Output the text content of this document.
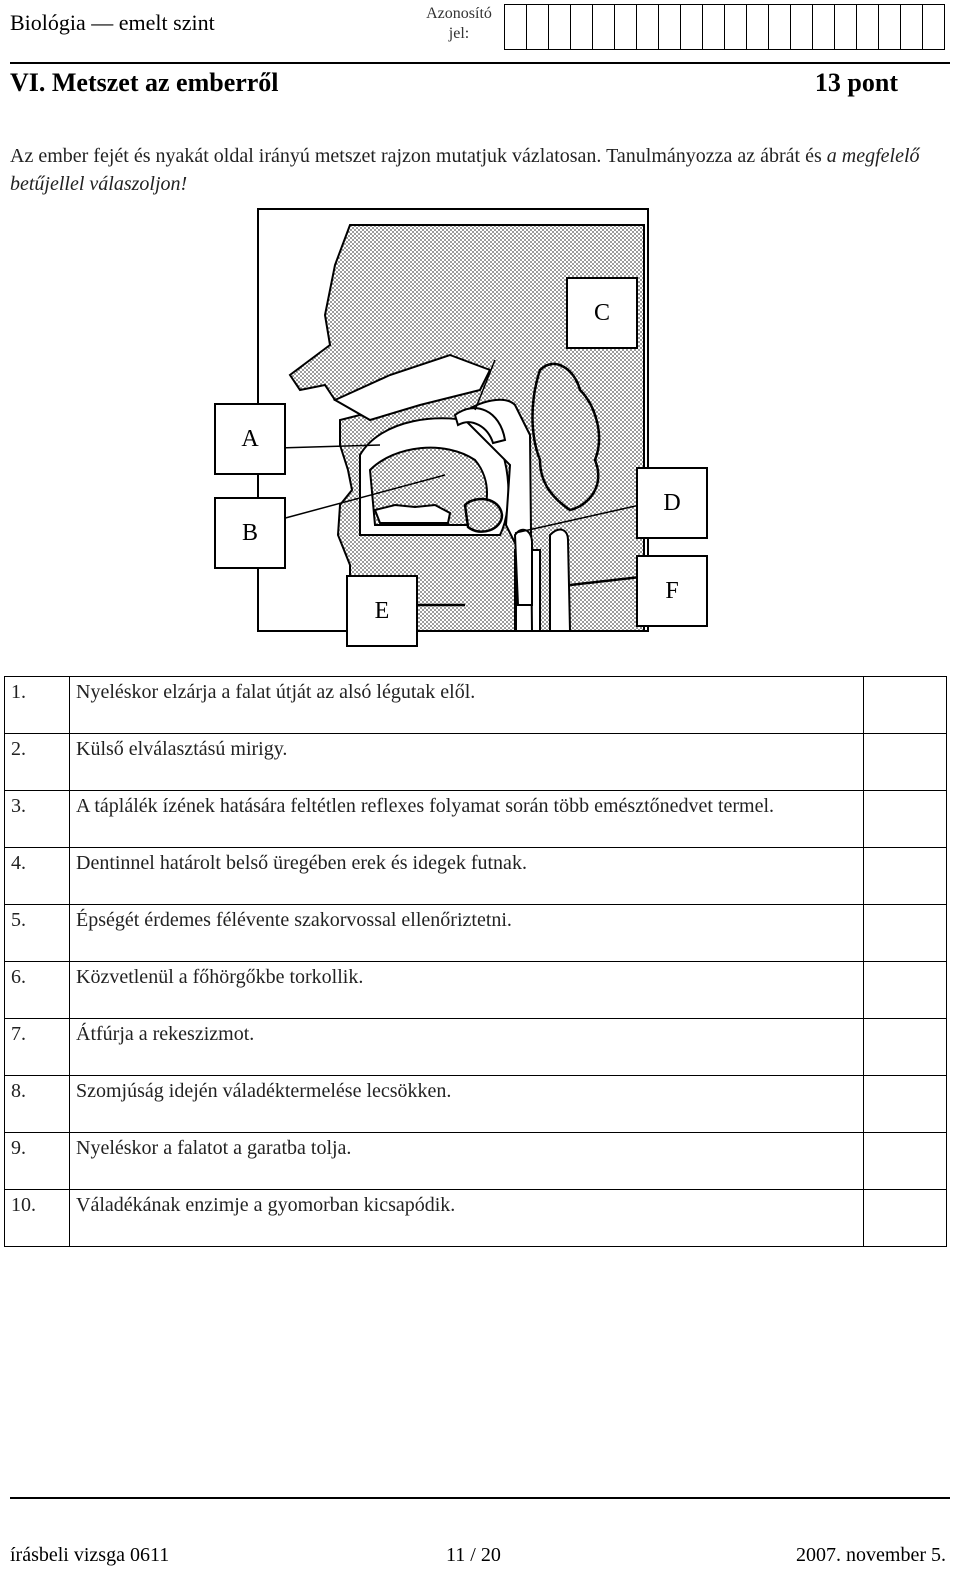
Biológia — emelt szint	Azonosító jel:
VI. Metszet az emberről	13 pont
Az ember fejét és nyakát oldal irányú metszet rajzon mutatjuk vázlatosan. Tanulmányozza az ábrát és a megfelelő betűjellel válaszoljon!
A
B
C
D
E
F
1.	Nyeléskor elzárja a falat útját az alsó légutak elől.	
2.	Külső elválasztású mirigy.	
3.	A táplálék ízének hatására feltétlen reflexes folyamat során több emésztőnedvet termel.	
4.	Dentinnel határolt belső üregében erek és idegek futnak.	
5.	Épségét érdemes félévente szakorvossal ellenőriztetni.	
6.	Közvetlenül a főhörgőkbe torkollik.	
7.	Átfúrja a rekeszizmot.	
8.	Szomjúság idején váladéktermelése lecsökken.	
9.	Nyeléskor a falatot a garatba tolja.	
10.	Váladékának enzimje a gyomorban kicsapódik.	
írásbeli vizsga 0611	11 / 20	2007. november 5.
